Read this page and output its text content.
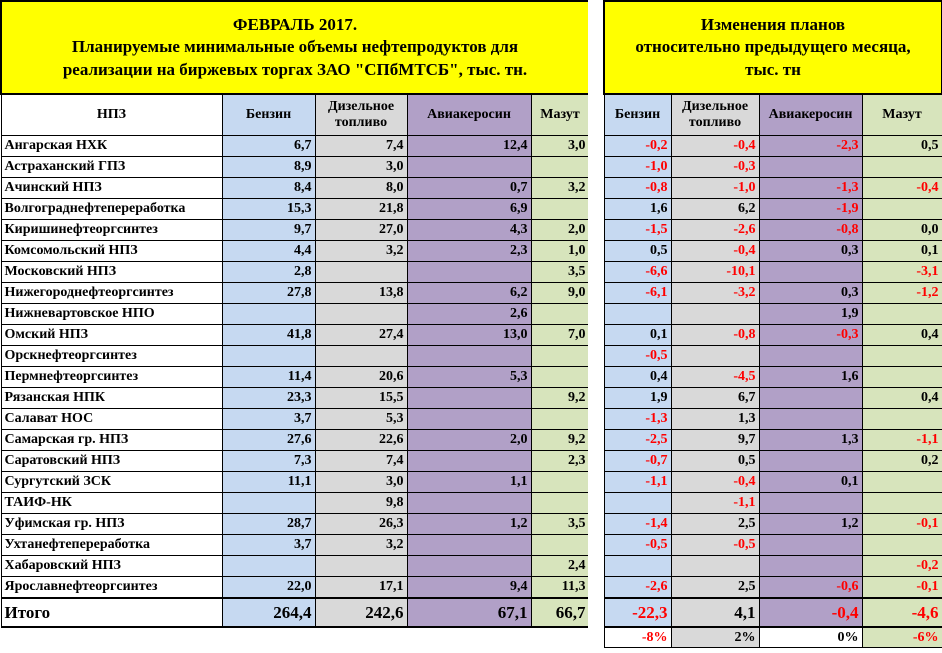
ФЕВРАЛЬ 2017.
Планируемые минимальные объемы нефтепродуктов для
реализации на биржевых торгах ЗАО "СПбМТСБ", тыс. тн.				

НПЗ	Бензин	Дизельное топливо	Авиакеросин	Мазут
Ангарская НХК	6,7	7,4	12,4	3,0
Астраханский ГПЗ	8,9	3,0		
Ачинский НПЗ	8,4	8,0	0,7	3,2
Волгограднефтепереработка	15,3	21,8	6,9	
Киришинефтеоргсинтез	9,7	27,0	4,3	2,0
Комсомольский НПЗ	4,4	3,2	2,3	1,0
Московский НПЗ	2,8			3,5
Нижегороднефтеоргсинтез	27,8	13,8	6,2	9,0
Нижневартовское НПО			2,6	
Омский НПЗ	41,8	27,4	13,0	7,0
Орскнефтеоргсинтез				
Пермнефтеоргсинтез	11,4	20,6	5,3	
Рязанская НПК	23,3	15,5		9,2
Салават НОС	3,7	5,3		
Самарская гр. НПЗ	27,6	22,6	2,0	9,2
Саратовский НПЗ	7,3	7,4		2,3
Сургутский ЗСК	11,1	3,0	1,1	
ТАИФ-НК		9,8		
Уфимская гр. НПЗ	28,7	26,3	1,2	3,5
Ухтанефтепереработка	3,7	3,2		
Хабаровский НПЗ				2,4
Ярославнефтеоргсинтез	22,0	17,1	9,4	11,3
Итого	264,4	242,6	67,1	66,7

Изменения планов
относительно предыдущего месяца,
тыс. тн			

Бензин	Дизельное топливо	Авиакеросин	Мазут
-0,2	-0,4	-2,3	0,5
-1,0	-0,3		
-0,8	-1,0	-1,3	-0,4
1,6	6,2	-1,9	
-1,5	-2,6	-0,8	0,0
0,5	-0,4	0,3	0,1
-6,6	-10,1		-3,1
-6,1	-3,2	0,3	-1,2
		1,9	
0,1	-0,8	-0,3	0,4
-0,5			
0,4	-4,5	1,6	
1,9	6,7		0,4
-1,3	1,3		
-2,5	9,7	1,3	-1,1
-0,7	0,5		0,2
-1,1	-0,4	0,1	
	-1,1		
-1,4	2,5	1,2	-0,1
-0,5	-0,5		
			-0,2
-2,6	2,5	-0,6	-0,1
-22,3	4,1	-0,4	-4,6
-8%	2%	0%	-6%
